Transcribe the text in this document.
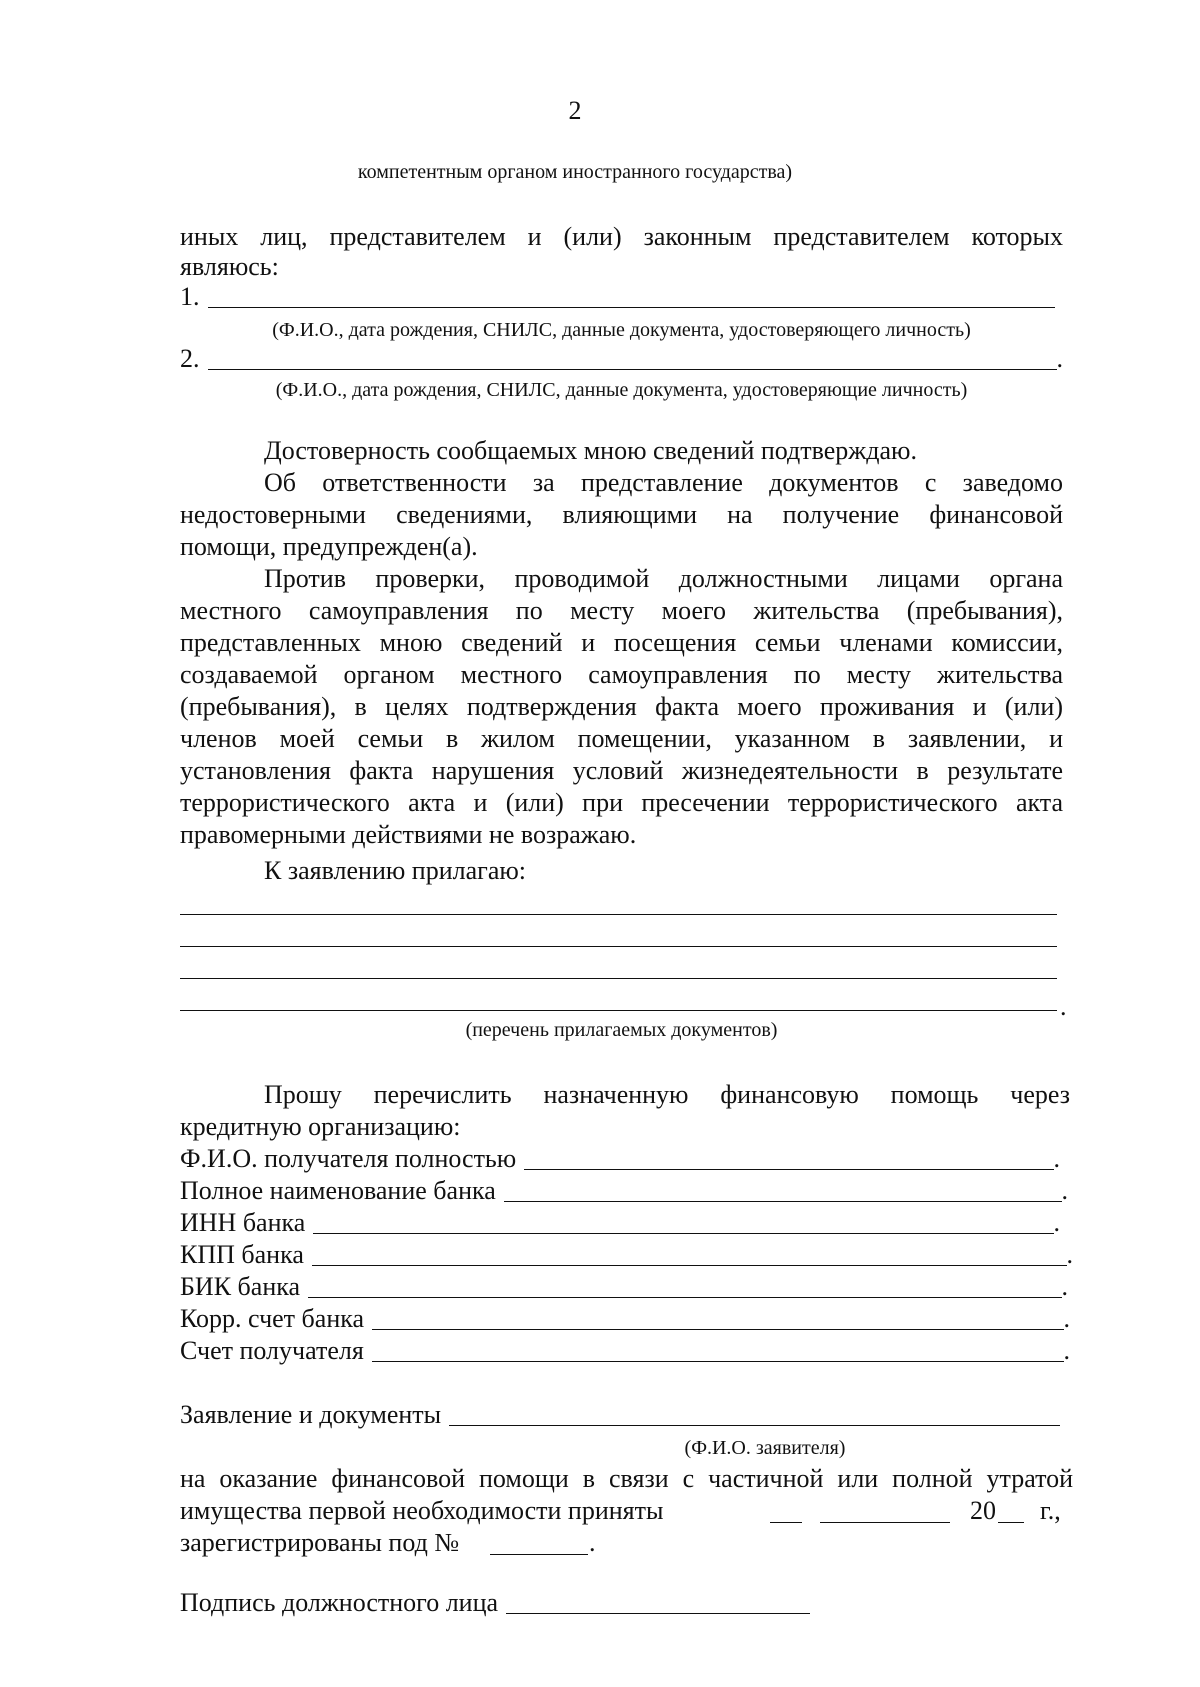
2
компетентным органом иностранного государства)
иных лиц, представителем и (или) законным представителем которых
являюсь:
1.
(Ф.И.О., дата рождения, СНИЛС, данные документа, удостоверяющего личность)
2.	.
(Ф.И.О., дата рождения, СНИЛС, данные документа, удостоверяющие личность)
Достоверность сообщаемых мною сведений подтверждаю.
Об ответственности за представление документов с заведомо
недостоверными сведениями, влияющими на получение финансовой
помощи, предупрежден(а).
Против проверки, проводимой должностными лицами органа
местного самоуправления по месту моего жительства (пребывания),
представленных мною сведений и посещения семьи членами комиссии,
создаваемой органом местного самоуправления по месту жительства
(пребывания), в целях подтверждения факта моего проживания и (или)
членов моей семьи в жилом помещении, указанном в заявлении, и
установления факта нарушения условий жизнедеятельности в результате
террористического акта и (или) при пресечении террористического акта
правомерными действиями не возражаю.
К заявлению прилагаю:
.
(перечень прилагаемых документов)
Прошу перечислить назначенную финансовую помощь через
кредитную организацию:
Ф.И.О. получателя полностью	.
Полное наименование банка	.
ИНН банка	.
КПП банка	.
БИК банка	.
Корр. счет банка	.
Счет получателя	.
Заявление и документы
(Ф.И.О. заявителя)
на оказание финансовой помощи в связи с частичной или полной утратой
имущества первой необходимости приняты	20 г.,
зарегистрированы под №	.
Подпись должностного лица
